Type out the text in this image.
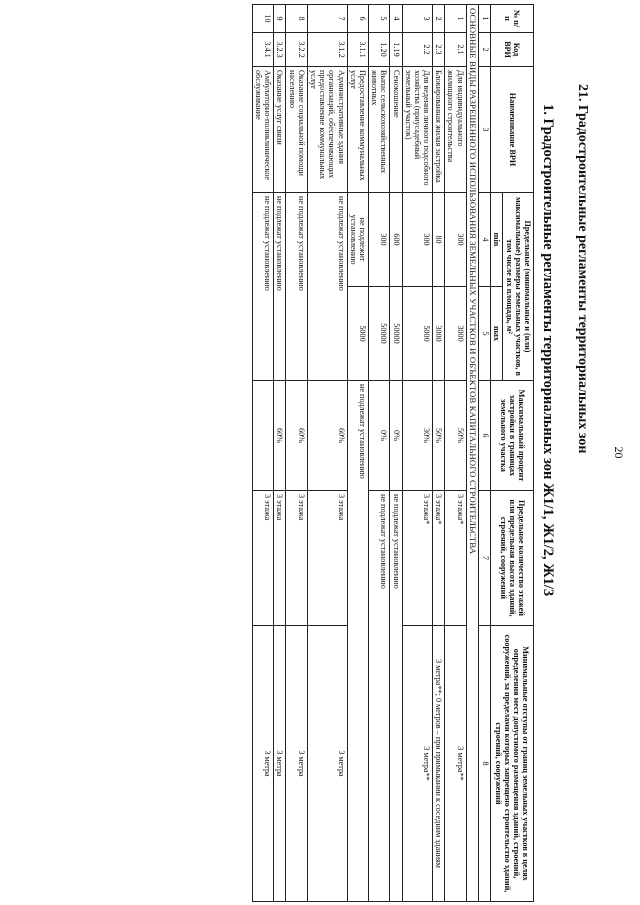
20
21. Градостроительные регламенты территориальных зон
1. Градостроительные регламенты территориальных зон Ж1/1, Ж1/2, Ж1/3
№ п/п	Код ВРИ	Наименование ВРИ	Предельные (минимальные и (или) максимальные) размеры земельных участков, в том числе их площадь, м²		Максимальный процент застройки в границах земельного участка	Предельное количество этажей или предельная высота зданий, строений, сооружений	Минимальные отступы от границ земельных участков в целях определения мест допустимого размещения зданий, строений, сооружений, за пределами которых запрещено строительство зданий, строений, сооружений
			min	max			
1	2	3	4	5	6	7	8
ОСНОВНЫЕ ВИДЫ РАЗРЕШЕННОГО ИСПОЛЬЗОВАНИЯ ЗЕМЕЛЬНЫХ УЧАСТКОВ И ОБЪЕКТОВ КАПИТАЛЬНОГО СТРОИТЕЛЬСТВА							
1	2.1	Для индивидуального жилищного строительства	300	3000	50%	3 этажа*	3 метра**
2	2.3	Блокированная жилая застройка	80	3000	50%	3 этажа*	3 метра**; 0 метров – при примыкании к соседним зданиям
3	2.2	Для ведения личного подсобного хозяйства (приусадебный земельный участок)	300	5000	30%	3 этажа*	3 метра**
4	1.19	Сенокошение	600	50000	0%	не подлежат установлению	
5	1.20	Выпас сельскохозяйственных животных	300	50000	0%	не подлежат установлению	
6	3.1.1	Предоставление коммунальных услуг	не подлежит установлению	5000	не подлежат установлению		
7	3.1.2	Административные здания организаций, обеспечивающих предоставление коммунальных услуг	не подлежат установлению		60%	3 этажа	3 метра
8	3.2.2	Оказание социальной помощи населению	не подлежат установлению		60%	3 этажа	3 метра
9	3.2.3	Оказание услуг связи	не подлежат установлению		60%	3 этажа	3 метра
10	3.4.1	Амбулаторно-поликлиническое обслуживание	не подлежат установлению			3 этажа	3 метра
